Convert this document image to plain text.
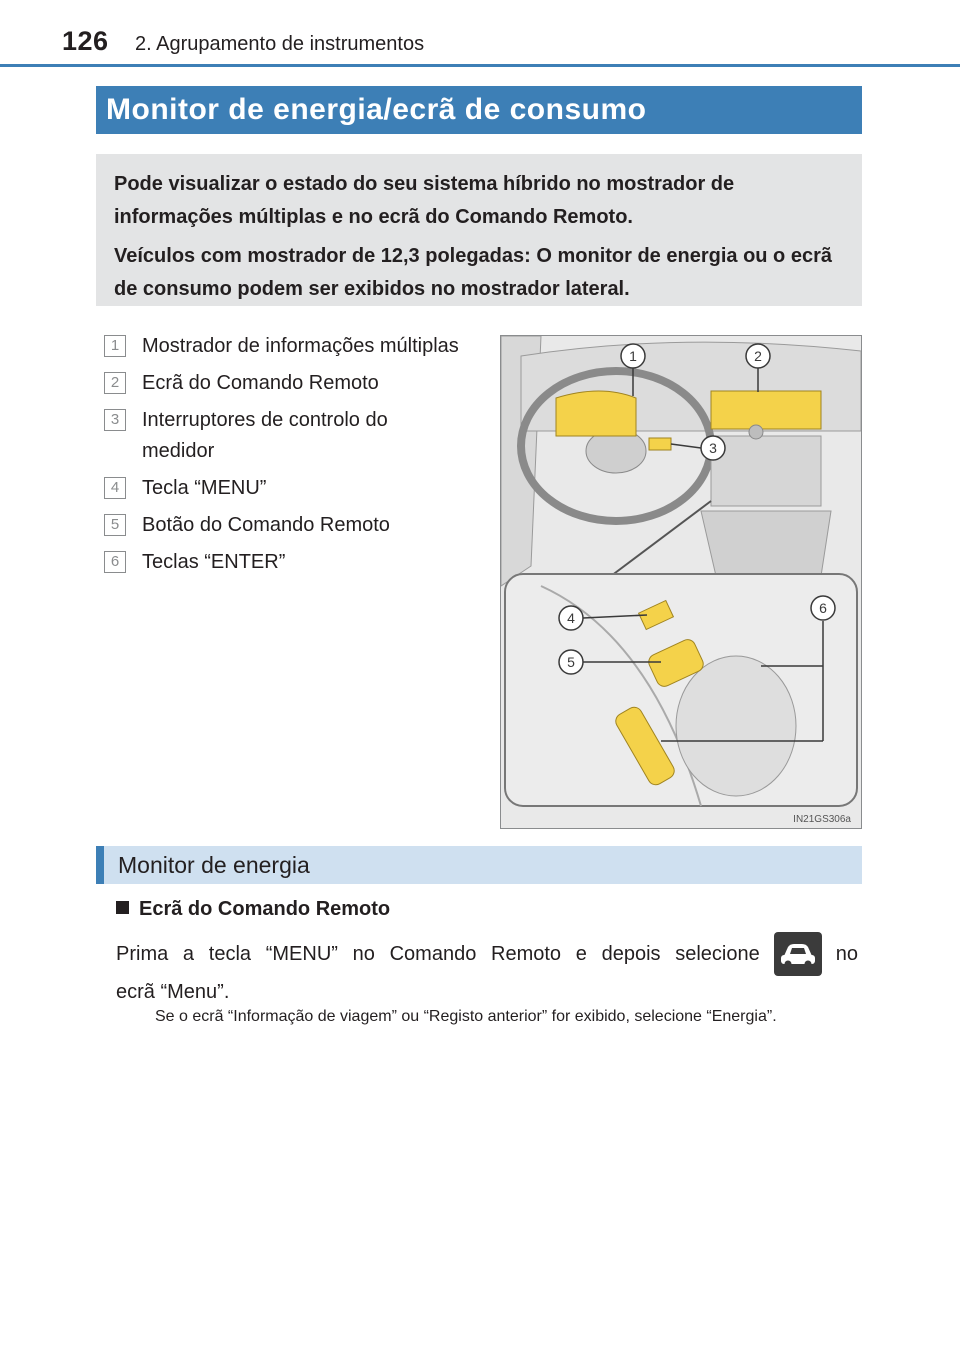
126 2. Agrupamento de instrumentos
Monitor de energia/ecrã de consumo

Pode visualizar o estado do seu sistema híbrido no mostrador de informações múltiplas e no ecrã do Comando Remoto.

Veículos com mostrador de 12,3 polegadas: O monitor de energia ou o ecrã de consumo podem ser exibidos no mostrador lateral.

1	Mostrador de informações múltiplas
2	Ecrã do Comando Remoto
3	Interruptores de controlo do medidor
4	Tecla “MENU”
5	Botão do Comando Remoto
6	Teclas “ENTER”
1	2
3
4
5
6
IN21GS306a
Monitor de energia
Ecrã do Comando Remoto
Prima a tecla “MENU” no Comando Remoto e depois selecione	no
ecrã “Menu”.
Se o ecrã “Informação de viagem” ou “Registo anterior” for exibido, selecione “Energia”.
